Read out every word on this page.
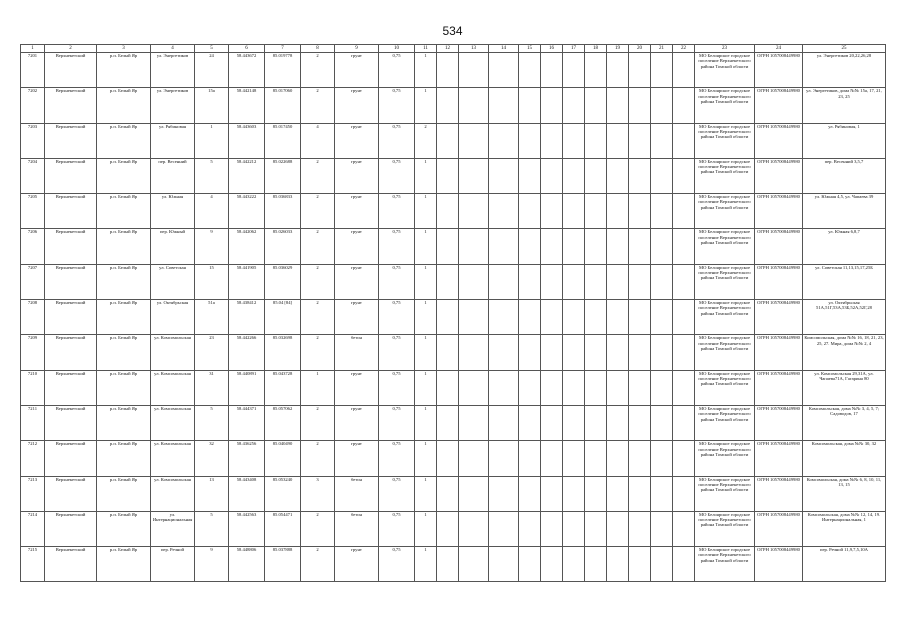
534
1	2	3	4	5	6	7	8	9	10	11	12	13	14	15	16	17	18	19	20	21	22	23	24	25
7201	Верхнекетский	р.п. Белый Яр	ул. Энергетиков	24	58.443672	85.019778	2	грунт	0,75	1												МО Белоярское городское поселение Верхнекетского района Томской области	ОГРН 1057008449980	ул. Энергетиков 20,22,26,28
7202	Верхнекетский	р.п. Белый Яр	ул. Энергетиков	15а	58.442148	85.017060	2	грунт	0,75	1												МО Белоярское городское поселение Верхнекетского района Томской области	ОГРН 1057008449980	ул. Энергетиков, дома №№ 15а, 17, 21, 23, 25
7203	Верхнекетский	р.п. Белый Яр	ул. Рябиновая	1	58.443603	85.017450	4	грунт	0,75	2												МО Белоярское городское поселение Верхнекетского района Томской области	ОГРН 1057008449980	ул. Рябиновая, 1
7204	Верхнекетский	р.п. Белый Яр	пер. Весенний	5	58.442212	85.022688	2	грунт	0,75	1												МО Белоярское городское поселение Верхнекетского района Томской области	ОГРН 1057008449980	пер. Весенний 3,5,7
7205	Верхнекетский	р.п. Белый Яр	ул. Южная	4	58.443222	85.036833	2	грунт	0,75	1												МО Белоярское городское поселение Верхнекетского района Томской области	ОГРН 1057008449980	ул. Южная 4,5, ул. Чапаева 39
7206	Верхнекетский	р.п. Белый Яр	пер. Южный	9	58.442062	85.026033	2	грунт	0,75	1												МО Белоярское городское поселение Верхнекетского района Томской области	ОГРН 1057008449980	ул. Южная 6,8,7
7207	Верхнекетский	р.п. Белый Яр	ул. Советская	15	58.441905	85.036029	2	грунт	0,75	1												МО Белоярское городское поселение Верхнекетского района Томской области	ОГРН 1057008449980	ул. Советская 11,13,15,17,25Б
7208	Верхнекетский	р.п. Белый Яр	ул. Октябрьская	51а	58.438412	85.04 [84]	2	грунт	0,75	1												МО Белоярское городское поселение Верхнекетского района Томской области	ОГРН 1057008449980	ул. Октябрьская 51А,51Г,53А,53Б,52А,52Г,28
7209	Верхнекетский	р.п. Белый Яр	ул. Комсомольская	23	58.442266	85.032698	2	бетон	0,75	1												МО Белоярское городское поселение Верхнекетского района Томской области	ОГРН 1057008449980	Комсомольская, дома №№ 16, 18, 21, 23, 25, 27. Мира, дома №№ 2, 4
7210	Верхнекетский	р.п. Белый Яр	ул. Комсомольская	31	58.440891	85.043728	1	грунт	0,75	1												МО Белоярское городское поселение Верхнекетского района Томской области	ОГРН 1057008449980	ул. Комсомольская 29,31А, ул. Чапаева71А, Гагарина 80
7211	Верхнекетский	р.п. Белый Яр	ул. Комсомольская	5	58.444371	85.057062	2	грунт	0,75	1												МО Белоярское городское поселение Верхнекетского района Томской области	ОГРН 1057008449980	Комсомольская, дома №№ 3, 4, 5, 7; Садоводов, 17
7212	Верхнекетский	р.п. Белый Яр	ул. Комсомольская	32	58.436256	85.040490	2	грунт	0,75	1												МО Белоярское городское поселение Верхнекетского района Томской области	ОГРН 1057008449980	Комсомольская, дома №№ 30, 32
7213	Верхнекетский	р.п. Белый Яр	ул. Комсомольская	13	58.443408	85.053240	3	бетон	0,75	1												МО Белоярское городское поселение Верхнекетского района Томской области	ОГРН 1057008449980	Комсомольская, дома №№ 6, 8, 10, 11, 13, 15
7214	Верхнекетский	р.п. Белый Яр	ул. Интернациональная	5	58.442563	85.054471	2	бетон	0,75	1												МО Белоярское городское поселение Верхнекетского района Томской области	ОГРН 1057008449980	Комсомольская, дома №№ 12, 14, 19. Интернациональная, 1
7215	Верхнекетский	р.п. Белый Яр	пер. Речной	9	58.448806	85.037888	2	грунт	0,75	1												МО Белоярское городское поселение Верхнекетского района Томской области	ОГРН 1057008449980	пер. Речной 11,9,7,5,10А
